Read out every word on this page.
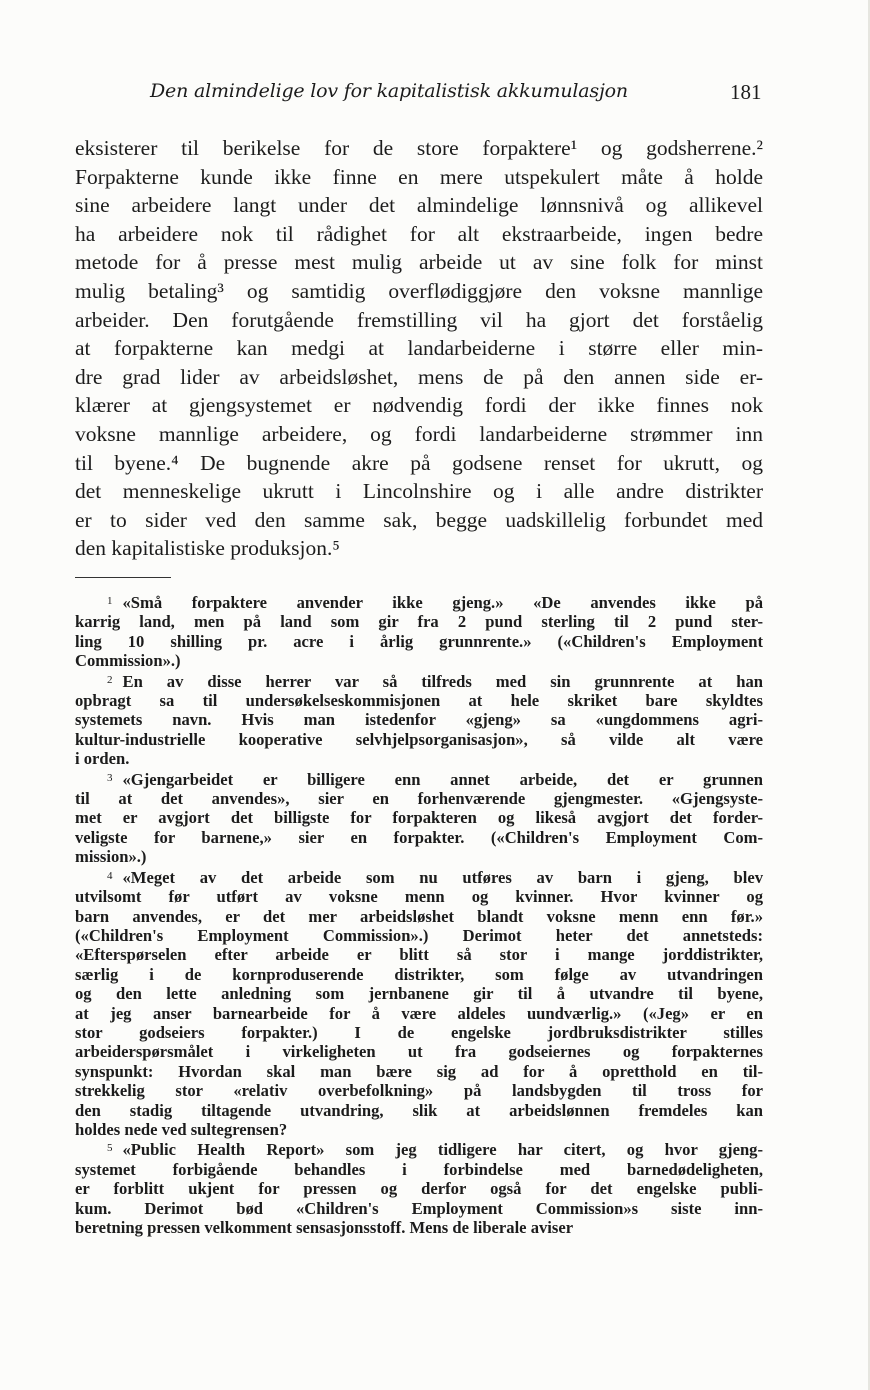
Den almindelige lov for kapitalistisk akkumulasjon	181
eksisterer til berikelse for de store forpaktere¹ og godsherrene.²
Forpakterne kunde ikke finne en mere utspekulert måte å holde
sine arbeidere langt under det almindelige lønnsnivå og allikevel
ha arbeidere nok til rådighet for alt ekstraarbeide, ingen bedre
metode for å presse mest mulig arbeide ut av sine folk for minst
mulig betaling³ og samtidig overflødiggjøre den voksne mannlige
arbeider. Den forutgående fremstilling vil ha gjort det forståelig
at forpakterne kan medgi at landarbeiderne i større eller min-
dre grad lider av arbeidsløshet, mens de på den annen side er-
klærer at gjengsystemet er nødvendig fordi der ikke finnes nok
voksne mannlige arbeidere, og fordi landarbeiderne strømmer inn
til byene.⁴ De bugnende akre på godsene renset for ukrutt, og
det menneskelige ukrutt i Lincolnshire og i alle andre distrikter
er to sider ved den samme sak, begge uadskillelig forbundet med
den kapitalistiske produksjon.⁵
$^1$ «Små forpaktere anvender ikke gjeng.» «De anvendes ikke på
karrig land, men på land som gir fra 2 pund sterling til 2 pund ster-
ling 10 shilling pr. acre i årlig grunnrente.» («Children's Employment
Commission».)
$^2$ En av disse herrer var så tilfreds med sin grunnrente at han
opbragt sa til undersøkelseskommisjonen at hele skriket bare skyldtes
systemets navn. Hvis man istedenfor «gjeng» sa «ungdommens agri-
kultur-industrielle kooperative selvhjelpsorganisasjon», så vilde alt være
i orden.
$^3$ «Gjengarbeidet er billigere enn annet arbeide, det er grunnen
til at det anvendes», sier en forhenværende gjengmester. «Gjengsyste-
met er avgjort det billigste for forpakteren og likeså avgjort det forder-
veligste for barnene,» sier en forpakter. («Children's Employment Com-
mission».)
$^4$ «Meget av det arbeide som nu utføres av barn i gjeng, blev
utvilsomt før utført av voksne menn og kvinner. Hvor kvinner og
barn anvendes, er det mer arbeidsløshet blandt voksne menn enn før.»
(«Children's Employment Commission».) Derimot heter det annetsteds:
«Efterspørselen efter arbeide er blitt så stor i mange jorddistrikter,
særlig i de kornproduserende distrikter, som følge av utvandringen
og den lette anledning som jernbanene gir til å utvandre til byene,
at jeg anser barnearbeide for å være aldeles uundværlig.» («Jeg» er en
stor godseiers forpakter.) I de engelske jordbruksdistrikter stilles
arbeiderspørsmålet i virkeligheten ut fra godseiernes og forpakternes
synspunkt: Hvordan skal man bære sig ad for å opretthold en til-
strekkelig stor «relativ overbefolkning» på landsbygden til tross for
den stadig tiltagende utvandring, slik at arbeidslønnen fremdeles kan
holdes nede ved sultegrensen?
$^5$ «Public Health Report» som jeg tidligere har citert, og hvor gjeng-
systemet forbigående behandles i forbindelse med barnedødeligheten,
er forblitt ukjent for pressen og derfor også for det engelske publi-
kum. Derimot bød «Children's Employment Commission»s siste inn-
beretning pressen velkomment sensasjonsstoff. Mens de liberale aviser
